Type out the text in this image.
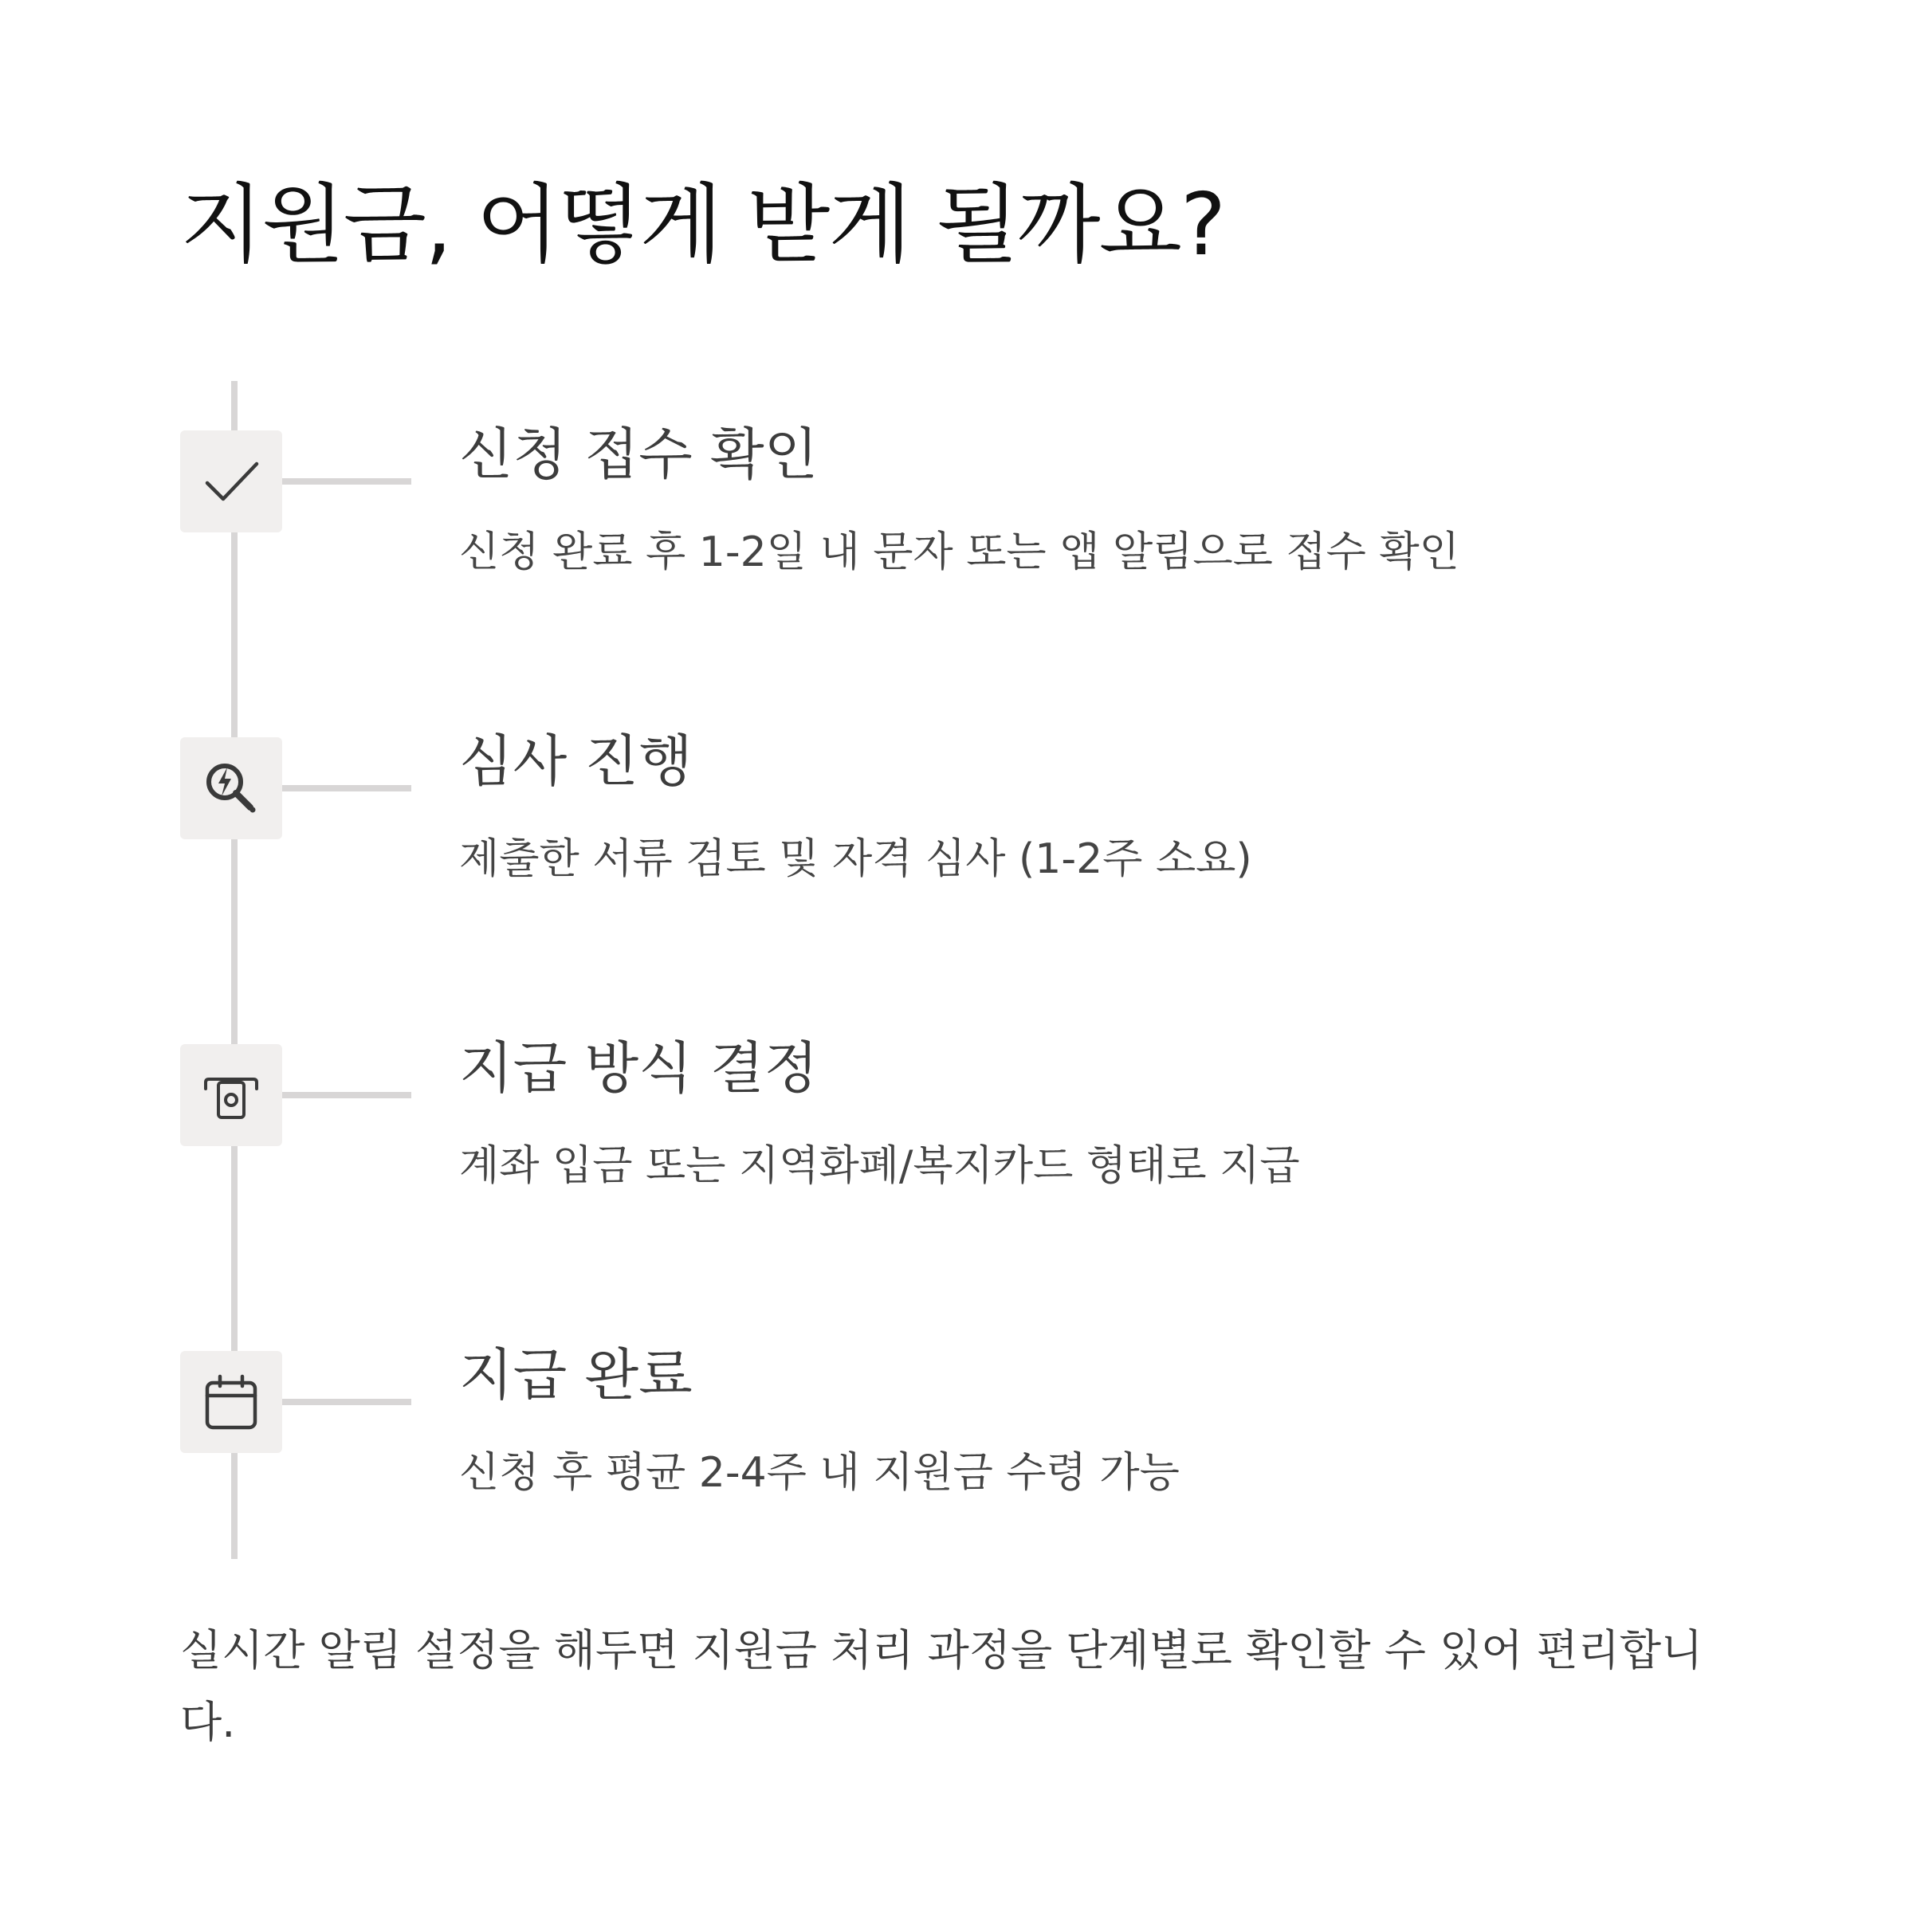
지원금, 어떻게 받게 될까요?

신청 접수 확인

신청 완료 후 1-2일 내 문자 또는 앱 알림으로 접수 확인

심사 진행

제출한 서류 검토 및 자격 심사 (1-2주 소요)

지급 방식 결정

계좌 입금 또는 지역화폐/복지카드 형태로 지급

지급 완료

신청 후 평균 2-4주 내 지원금 수령 가능

실시간 알림 설정을 해두면 지원금 처리 과정을 단계별로 확인할 수 있어 편리합니다.
